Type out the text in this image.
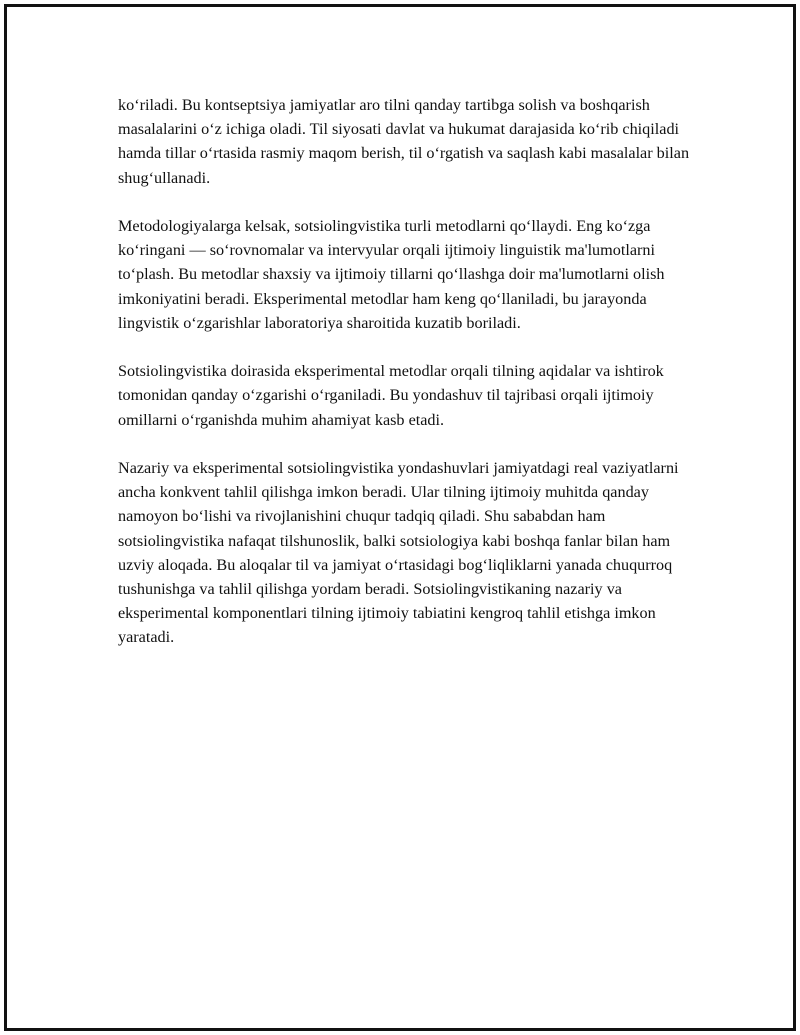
ko‘riladi. Bu kontseptsiya jamiyatlar aro tilni qanday tartibga solish va boshqarish masalalarini o‘z ichiga oladi. Til siyosati davlat va hukumat darajasida ko‘rib chiqiladi hamda tillar o‘rtasida rasmiy maqom berish, til o‘rgatish va saqlash kabi masalalar bilan shug‘ullanadi.

Metodologiyalarga kelsak, sotsiolingvistika turli metodlarni qo‘llaydi. Eng ko‘zga ko‘ringani — so‘rovnomalar va intervyular orqali ijtimoiy linguistik ma'lumotlarni to‘plash. Bu metodlar shaxsiy va ijtimoiy tillarni qo‘llashga doir ma'lumotlarni olish imkoniyatini beradi. Eksperimental metodlar ham keng qo‘llaniladi, bu jarayonda lingvistik o‘zgarishlar laboratoriya sharoitida kuzatib boriladi.

Sotsiolingvistika doirasida eksperimental metodlar orqali tilning aqidalar va ishtirok tomonidan qanday o‘zgarishi o‘rganiladi. Bu yondashuv til tajribasi orqali ijtimoiy omillarni o‘rganishda muhim ahamiyat kasb etadi.

Nazariy va eksperimental sotsiolingvistika yondashuvlari jamiyatdagi real vaziyatlarni ancha konkvent tahlil qilishga imkon beradi. Ular tilning ijtimoiy muhitda qanday namoyon bo‘lishi va rivojlanishini chuqur tadqiq qiladi. Shu sababdan ham sotsiolingvistika nafaqat tilshunoslik, balki sotsiologiya kabi boshqa fanlar bilan ham uzviy aloqada. Bu aloqalar til va jamiyat o‘rtasidagi bog‘liqliklarni yanada chuqurroq tushunishga va tahlil qilishga yordam beradi. Sotsiolingvistikaning nazariy va eksperimental komponentlari tilning ijtimoiy tabiatini kengroq tahlil etishga imkon yaratadi.
